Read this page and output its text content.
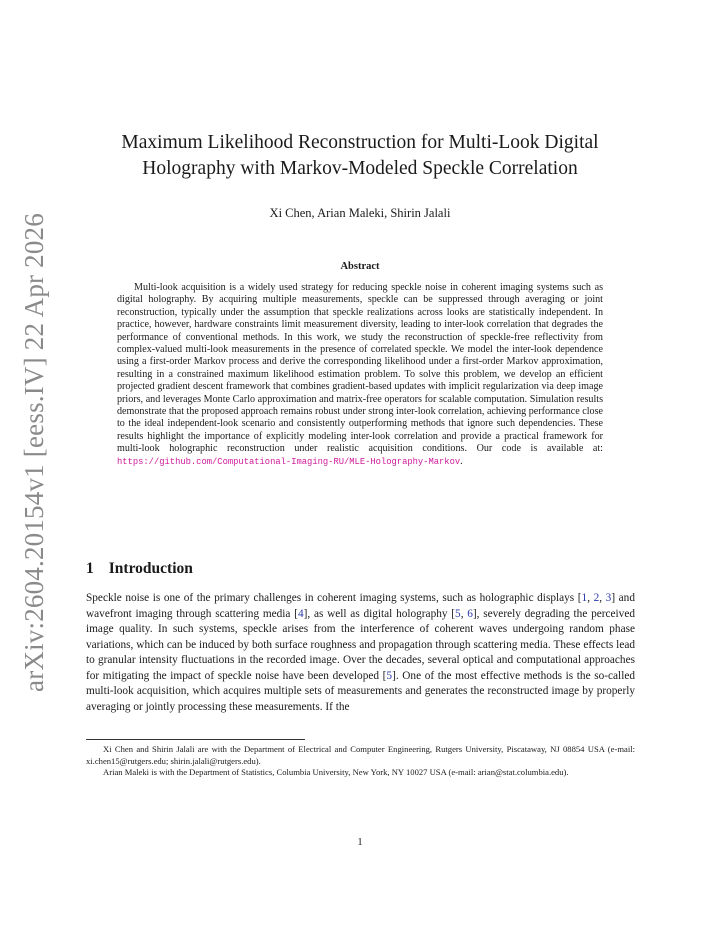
arXiv:2604.20154v1 [eess.IV] 22 Apr 2026
Maximum Likelihood Reconstruction for Multi-Look Digital
Holography with Markov-Modeled Speckle Correlation
Xi Chen, Arian Maleki, Shirin Jalali
Abstract
Multi-look acquisition is a widely used strategy for reducing speckle noise in coherent imaging systems such as digital holography. By acquiring multiple measurements, speckle can be suppressed through averaging or joint reconstruction, typically under the assumption that speckle realizations across looks are statistically independent. In practice, however, hardware constraints limit measurement diversity, leading to inter-look correlation that degrades the performance of conventional methods. In this work, we study the reconstruction of speckle-free reflectivity from complex-valued multi-look measurements in the presence of correlated speckle. We model the inter-look dependence using a first-order Markov process and derive the corresponding likelihood under a first-order Markov approximation, resulting in a constrained maximum likelihood estimation problem. To solve this problem, we develop an efficient projected gradient descent framework that combines gradient-based updates with implicit regularization via deep image priors, and leverages Monte Carlo approximation and matrix-free operators for scalable computation. Simulation results demonstrate that the proposed approach remains robust under strong inter-look correlation, achieving performance close to the ideal independent-look scenario and consistently outperforming methods that ignore such dependencies. These results highlight the importance of explicitly modeling inter-look correlation and provide a practical framework for multi-look holographic reconstruction under realistic acquisition conditions. Our code is available at: https://github.com/Computational-Imaging-RU/MLE-Holography-Markov.
1 Introduction

Speckle noise is one of the primary challenges in coherent imaging systems, such as holographic displays [1, 2, 3] and wavefront imaging through scattering media [4], as well as digital holography [5, 6], severely degrading the perceived image quality. In such systems, speckle arises from the interference of coherent waves undergoing random phase variations, which can be induced by both surface roughness and propagation through scattering media. These effects lead to granular intensity fluctuations in the recorded image. Over the decades, several optical and computational approaches for mitigating the impact of speckle noise have been developed [5]. One of the most effective methods is the so-called multi-look acquisition, which acquires multiple sets of measurements and generates the reconstructed image by properly averaging or jointly processing these measurements. If the

Xi Chen and Shirin Jalali are with the Department of Electrical and Computer Engineering, Rutgers University, Piscataway, NJ 08854 USA (e-mail: xi.chen15@rutgers.edu; shirin.jalali@rutgers.edu).

Arian Maleki is with the Department of Statistics, Columbia University, New York, NY 10027 USA (e-mail: arian@stat.columbia.edu).

1
